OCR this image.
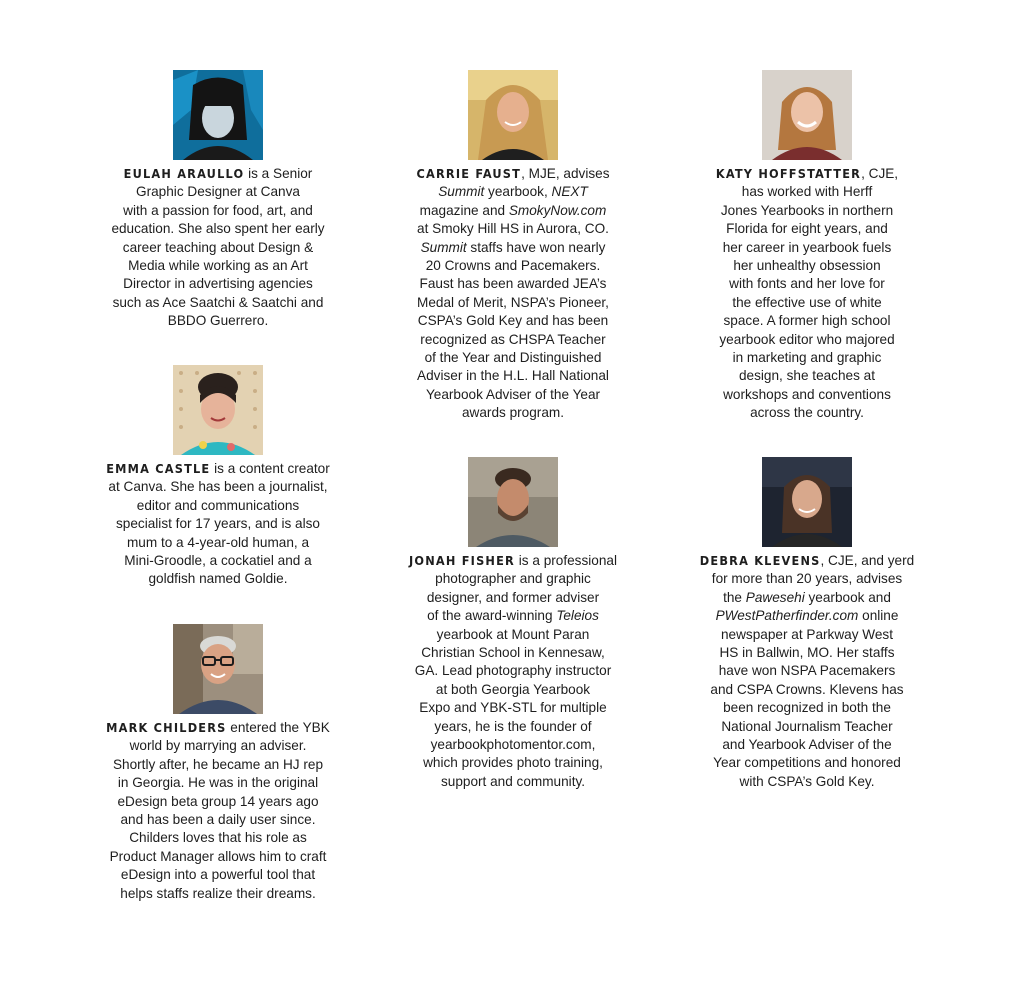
EULAH ARAULLO is a Senior
Graphic Designer at Canva
with a passion for food, art, and
education. She also spent her early
career teaching about Design &
Media while working as an Art
Director in advertising agencies
such as Ace Saatchi & Saatchi and
BBDO Guerrero.
EMMA CASTLE is a content creator
at Canva. She has been a journalist,
editor and communications
specialist for 17 years, and is also
mum to a 4-year-old human, a
Mini-Groodle, a cockatiel and a
goldfish named Goldie.
MARK CHILDERS entered the YBK
world by marrying an adviser.
Shortly after, he became an HJ rep
in Georgia. He was in the original
eDesign beta group 14 years ago
and has been a daily user since.
Childers loves that his role as
Product Manager allows him to craft
eDesign into a powerful tool that
helps staffs realize their dreams.
CARRIE FAUST, MJE, advises
Summit yearbook, NEXT
magazine and SmokyNow.com
at Smoky Hill HS in Aurora, CO.
Summit staffs have won nearly
20 Crowns and Pacemakers.
Faust has been awarded JEA’s
Medal of Merit, NSPA’s Pioneer,
CSPA’s Gold Key and has been
recognized as CHSPA Teacher
of the Year and Distinguished
Adviser in the H.L. Hall National
Yearbook Adviser of the Year
awards program.
JONAH FISHER is a professional
photographer and graphic
designer, and former adviser
of the award-winning Teleios
yearbook at Mount Paran
Christian School in Kennesaw,
GA. Lead photography instructor
at both Georgia Yearbook
Expo and YBK-STL for multiple
years, he is the founder of
yearbookphotomentor.com,
which provides photo training,
support and community.
KATY HOFFSTATTER, CJE,
has worked with Herff
Jones Yearbooks in northern
Florida for eight years, and
her career in yearbook fuels
her unhealthy obsession
with fonts and her love for
the effective use of white
space. A former high school
yearbook editor who majored
in marketing and graphic
design, she teaches at
workshops and conventions
across the country.
DEBRA KLEVENS, CJE, and yerd
for more than 20 years, advises
the Pawesehi yearbook and
PWestPatherfinder.com online
newspaper at Parkway West
HS in Ballwin, MO. Her staffs
have won NSPA Pacemakers
and CSPA Crowns. Klevens has
been recognized in both the
National Journalism Teacher
and Yearbook Adviser of the
Year competitions and honored
with CSPA’s Gold Key.
